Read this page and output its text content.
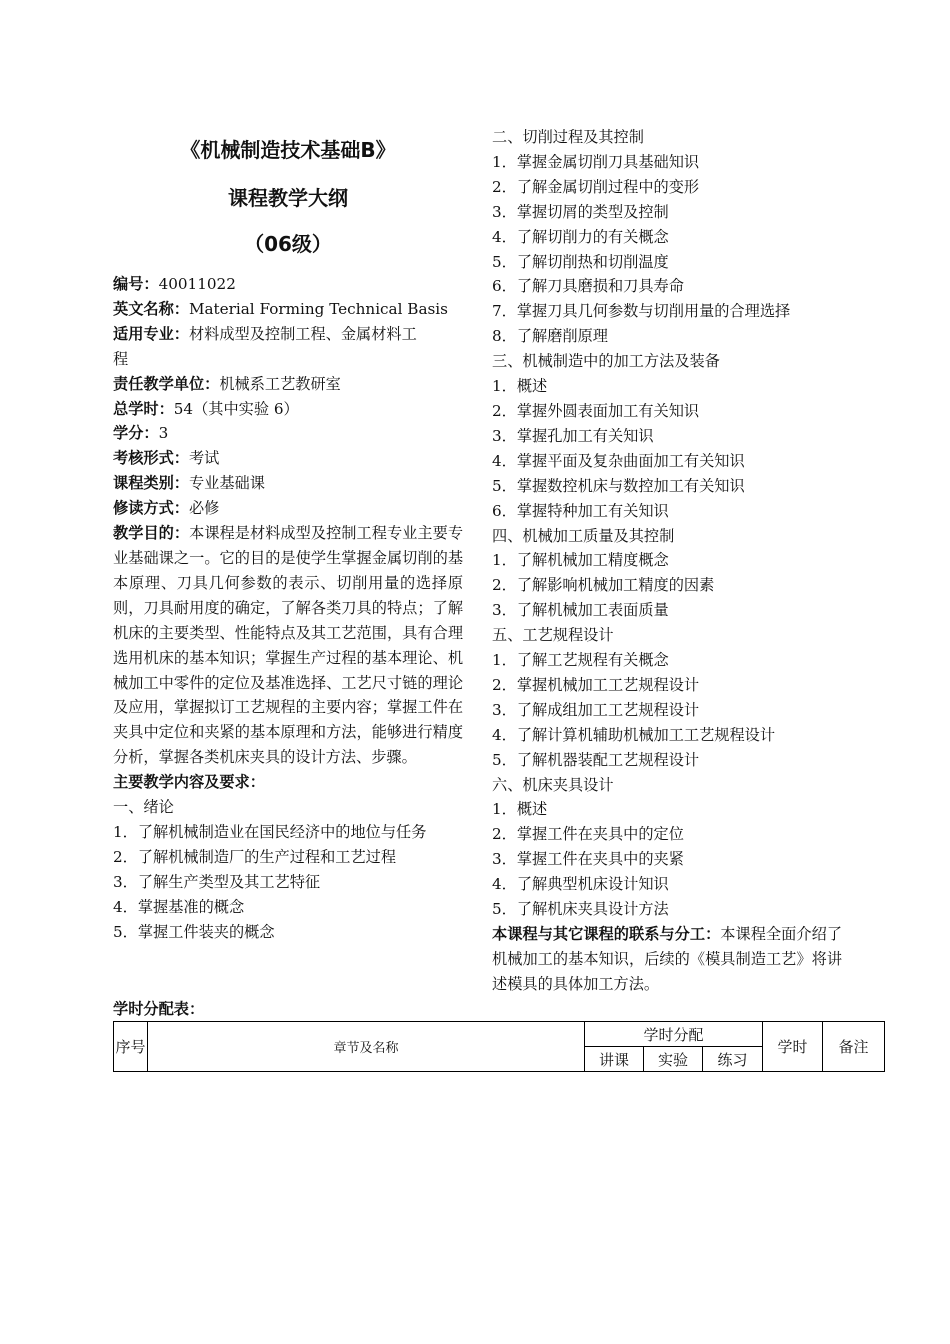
《机械制造技术基础B》
课程教学大纲
（06级）
编号：40011022
英文名称：Material Forming Technical Basis
适用专业：材料成型及控制工程、金属材料工
程
责任教学单位：机械系工艺教研室
总学时：54（其中实验 6）
学分：3
考核形式：考试
课程类别：专业基础课
修读方式：必修
教学目的：本课程是材料成型及控制工程专业主要专业基础课之一。它的目的是使学生掌握金属切削的基本原理、刀具几何参数的表示、切削用量的选择原则，刀具耐用度的确定，了解各类刀具的特点；了解机床的主要类型、性能特点及其工艺范围，具有合理选用机床的基本知识；掌握生产过程的基本理论、机械加工中零件的定位及基准选择、工艺尺寸链的理论及应用，掌握拟订工艺规程的主要内容；掌握工件在夹具中定位和夹紧的基本原理和方法，能够进行精度分析，掌握各类机床夹具的设计方法、步骤。
主要教学内容及要求：
一、绪论
1．了解机械制造业在国民经济中的地位与任务
2．了解机械制造厂的生产过程和工艺过程
3．了解生产类型及其工艺特征
4．掌握基准的概念
5．掌握工件装夹的概念
二、切削过程及其控制
1．掌握金属切削刀具基础知识
2．了解金属切削过程中的变形
3．掌握切屑的类型及控制
4．了解切削力的有关概念
5．了解切削热和切削温度
6．了解刀具磨损和刀具寿命
7．掌握刀具几何参数与切削用量的合理选择
8．了解磨削原理
三、机械制造中的加工方法及装备
1．概述
2．掌握外圆表面加工有关知识
3．掌握孔加工有关知识
4．掌握平面及复杂曲面加工有关知识
5．掌握数控机床与数控加工有关知识
6．掌握特种加工有关知识
四、机械加工质量及其控制
1．了解机械加工精度概念
2．了解影响机械加工精度的因素
3．了解机械加工表面质量
五、工艺规程设计
1．了解工艺规程有关概念
2．掌握机械加工工艺规程设计
3．了解成组加工工艺规程设计
4．了解计算机辅助机械加工工艺规程设计
5．了解机器装配工艺规程设计
六、机床夹具设计
1．概述
2．掌握工件在夹具中的定位
3．掌握工件在夹具中的夹紧
4．了解典型机床设计知识
5．了解机床夹具设计方法
本课程与其它课程的联系与分工：本课程全面介绍了机械加工的基本知识，后续的《模具制造工艺》将讲述模具的具体加工方法。
学时分配表：
序号	章节及名称	学时分配			学时	备注
		讲课	实验	练习		
